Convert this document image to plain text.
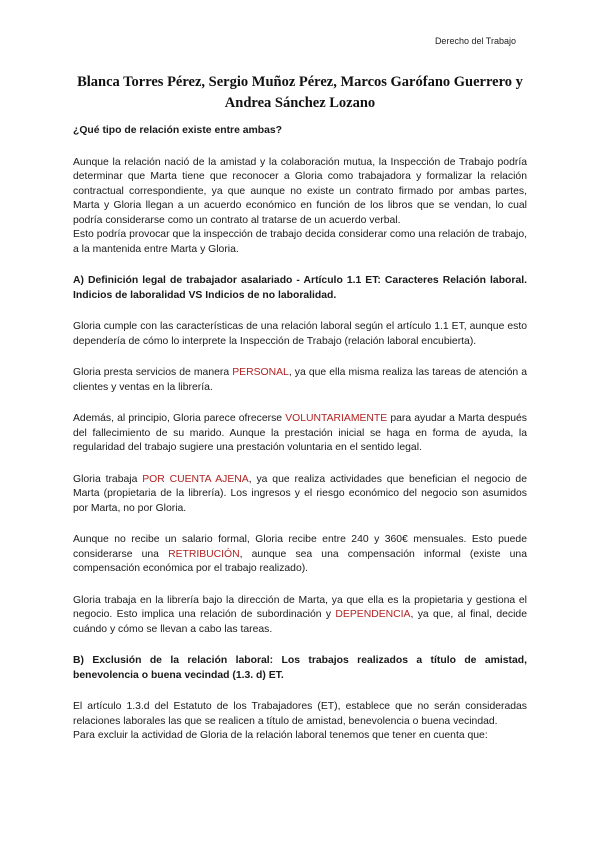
Derecho del Trabajo
Blanca Torres Pérez, Sergio Muñoz Pérez, Marcos Garófano Guerrero y
Andrea Sánchez Lozano

¿Qué tipo de relación existe entre ambas?

Aunque la relación nació de la amistad y la colaboración mutua, la Inspección de Trabajo podría determinar que Marta tiene que reconocer a Gloria como trabajadora y formalizar la relación contractual correspondiente, ya que aunque no existe un contrato firmado por ambas partes, Marta y Gloria llegan a un acuerdo económico en función de los libros que se vendan, lo cual podría considerarse como un contrato al tratarse de un acuerdo verbal.

Esto podría provocar que la inspección de trabajo decida considerar como una relación de trabajo, a la mantenida entre Marta y Gloria.

A) Definición legal de trabajador asalariado - Artículo 1.1 ET: Caracteres Relación laboral. Indicios de laboralidad VS Indicios de no laboralidad.

Gloria cumple con las características de una relación laboral según el artículo 1.1 ET, aunque esto dependería de cómo lo interprete la Inspección de Trabajo (relación laboral encubierta).

Gloria presta servicios de manera PERSONAL, ya que ella misma realiza las tareas de atención a clientes y ventas en la librería.

Además, al principio, Gloria parece ofrecerse VOLUNTARIAMENTE para ayudar a Marta después del fallecimiento de su marido. Aunque la prestación inicial se haga en forma de ayuda, la regularidad del trabajo sugiere una prestación voluntaria en el sentido legal.

Gloria trabaja POR CUENTA AJENA, ya que realiza actividades que benefician el negocio de Marta (propietaria de la librería). Los ingresos y el riesgo económico del negocio son asumidos por Marta, no por Gloria.

Aunque no recibe un salario formal, Gloria recibe entre 240 y 360€ mensuales. Esto puede considerarse una RETRIBUCIÓN, aunque sea una compensación informal (existe una compensación económica por el trabajo realizado).

Gloria trabaja en la librería bajo la dirección de Marta, ya que ella es la propietaria y gestiona el negocio. Esto implica una relación de subordinación y DEPENDENCIA, ya que, al final, decide cuándo y cómo se llevan a cabo las tareas.

B) Exclusión de la relación laboral: Los trabajos realizados a título de amistad, benevolencia o buena vecindad (1.3. d) ET.

El artículo 1.3.d del Estatuto de los Trabajadores (ET), establece que no serán consideradas relaciones laborales las que se realicen a título de amistad, benevolencia o buena vecindad.

Para excluir la actividad de Gloria de la relación laboral tenemos que tener en cuenta que:
